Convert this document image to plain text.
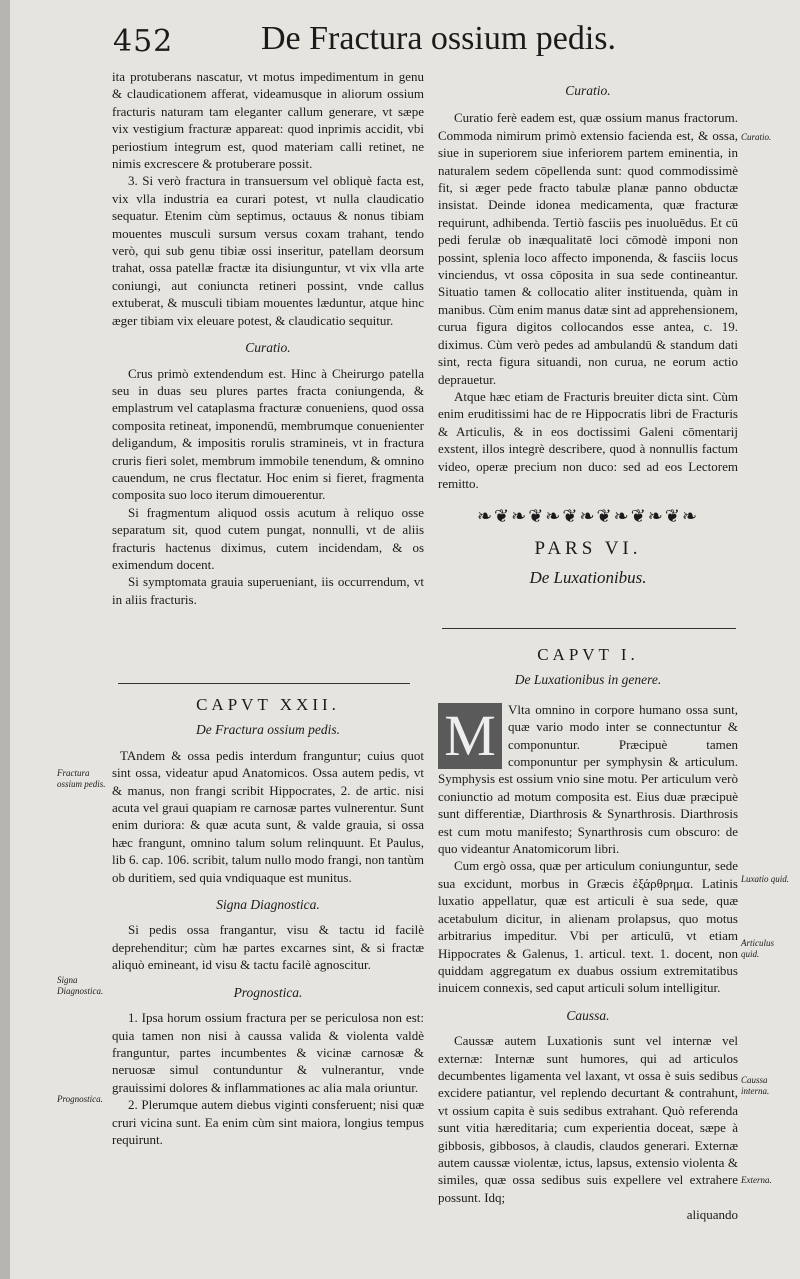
452	De Fractura ossium pedis.

ita protuberans nascatur, vt motus impedimentum in genu & claudicationem afferat, videamusque in aliorum ossium fracturis naturam tam eleganter callum generare, vt sæpe vix vestigium fracturæ appareat: quod inprimis accidit, vbi periostium integrum est, quod materiam calli retinet, ne nimis excrescere & protuberare possit.

3. Si verò fractura in transuersum vel obliquè facta est, vix vlla industria ea curari potest, vt nulla claudicatio sequatur. Etenim cùm septimus, octauus & nonus tibiam mouentes musculi sursum versus coxam trahant, tendo verò, qui sub genu tibiæ ossi inseritur, patellam deorsum trahat, ossa patellæ fractæ ita disiunguntur, vt vix vlla arte coniungi, aut coniuncta retineri possint, vnde callus extuberat, & musculi tibiam mouentes læduntur, atque hinc æger tibiam vix eleuare potest, & claudicatio sequitur.

Curatio.

Crus primò extendendum est. Hinc à Cheirurgo patella seu in duas seu plures partes fracta coniungenda, & emplastrum vel cataplasma fracturæ conueniens, quod ossa composita retineat, imponendū, membrumque conuenienter deligandum, & impositis rorulis stramineis, vt in fractura cruris fieri solet, membrum immobile tenendum, & omnino cauendum, ne crus flectatur. Hoc enim si fieret, fragmenta composita suo loco iterum dimouerentur.

Si fragmentum aliquod ossis acutum à reliquo osse separatum sit, quod cutem pungat, nonnulli, vt de aliis fracturis hactenus diximus, cutem incidendam, & os eximendum docent.

Si symptomata grauia superueniant, iis occurrendum, vt in aliis fracturis.

CAPVT XXII.

De Fractura ossium pedis.

TAndem & ossa pedis interdum franguntur; cuius quot sint ossa, videatur apud Anatomicos. Ossa autem pedis, vt & manus, non frangi scribit Hippocrates, 2. de artic. nisi acuta vel graui quapiam re carnosæ partes vulnerentur. Sunt enim duriora: & quæ acuta sunt, & valde grauia, si ossa hæc frangunt, omnino talum solum relinquunt. Et Paulus, lib 6. cap. 106. scribit, talum nullo modo frangi, non tantùm ob duritiem, sed quia vndiquaque est munitus.

Signa Diagnostica.

Si pedis ossa frangantur, visu & tactu id facilè deprehenditur; cùm hæ partes excarnes sint, & si fractæ aliquò emineant, id visu & tactu facilè agnoscitur.

Prognostica.

1. Ipsa horum ossium fractura per se periculosa non est: quia tamen non nisi à caussa valida & violenta valdè franguntur, partes incumbentes & vicinæ carnosæ & neruosæ simul contunduntur & vulnerantur, vnde grauissimi dolores & inflammationes ac alia mala oriuntur.

2. Plerumque autem diebus viginti consferuent; nisi quæ cruri vicina sunt. Ea enim cùm sint maiora, longius tempus requirunt.

Fractura ossium pedis.
Signa Diagnostica.
Prognostica.

Curatio.

Curatio ferè eadem est, quæ ossium manus fractorum. Commoda nimirum primò extensio facienda est, & ossa, siue in superiorem siue inferiorem partem eminentia, in naturalem sedem cōpellenda sunt: quod commodissimè fit, si æger pede fracto tabulæ planæ panno obductæ insistat. Deinde idonea medicamenta, quæ fracturæ requirunt, adhibenda. Tertiò fasciis pes inuoluēdus. Et cū pedi ferulæ ob inæqualitatē loci cōmodè imponi non possint, splenia loco affecto imponenda, & fasciis locus vinciendus, vt ossa cōposita in sua sede contineantur. Situatio tamen & collocatio aliter instituenda, quàm in manibus. Cùm enim manus datæ sint ad apprehensionem, curua figura digitos collocandos esse antea, c. 19. diximus. Cùm verò pedes ad ambulandū & standum dati sint, recta figura situandi, non curua, ne eorum actio deprauetur.

Atque hæc etiam de Fracturis breuiter dicta sint. Cùm enim eruditissimi hac de re Hippocratis libri de Fracturis & Articulis, & in eos doctissimi Galeni cōmentarij exstent, illos integrè describere, quod à nonnullis factum video, operæ precium non duco: sed ad eos Lectorem remitto.

❧❦❧❦❧❦❧❦❧❦❧❦❧

PARS VI.

De Luxationibus.

CAPVT I.

De Luxationibus in genere.

M Vlta omnino in corpore humano ossa sunt, quæ vario modo inter se connectuntur & componuntur. Præcipuè tamen componuntur per symphysin & articulum. Symphysis est ossium vnio sine motu. Per articulum verò coniunctio ad motum composita est. Eius duæ præcipuè sunt differentiæ, Diarthrosis & Synarthrosis. Diarthrosis est cum motu manifesto; Synarthrosis cum obscuro: de quo videantur Anatomicorum libri.

Cum ergò ossa, quæ per articulum coniunguntur, sede sua excidunt, morbus in Græcis ἐξάρθρημα. Latinis luxatio appellatur, quæ est articuli è sua sede, quæ acetabulum dicitur, in alienam prolapsus, quo motus arbitrarius impeditur. Vbi per articulū, vt etiam Hippocrates & Galenus, 1. articul. text. 1. docent, non quiddam aggregatum ex duabus ossium extremitatibus inuicem connexis, sed caput articuli solum intelligitur.

Caussa.

Caussæ autem Luxationis sunt vel internæ vel externæ: Internæ sunt humores, qui ad articulos decumbentes ligamenta vel laxant, vt ossa è suis sedibus excidere patiantur, vel replendo decurtant & contrahunt, vt ossium capita è suis sedibus extrahant. Quò referenda sunt vitia hæreditaria; cum experientia doceat, sæpe à gibbosis, gibbosos, à claudis, claudos generari. Externæ autem caussæ violentæ, ictus, lapsus, extensio violenta & similes, quæ ossa sedibus suis expellere vel extrahere possunt. Idq;

aliquando

Curatio.
Luxatio quid.
Articulus quid.
Caussa interna.
Externa.
